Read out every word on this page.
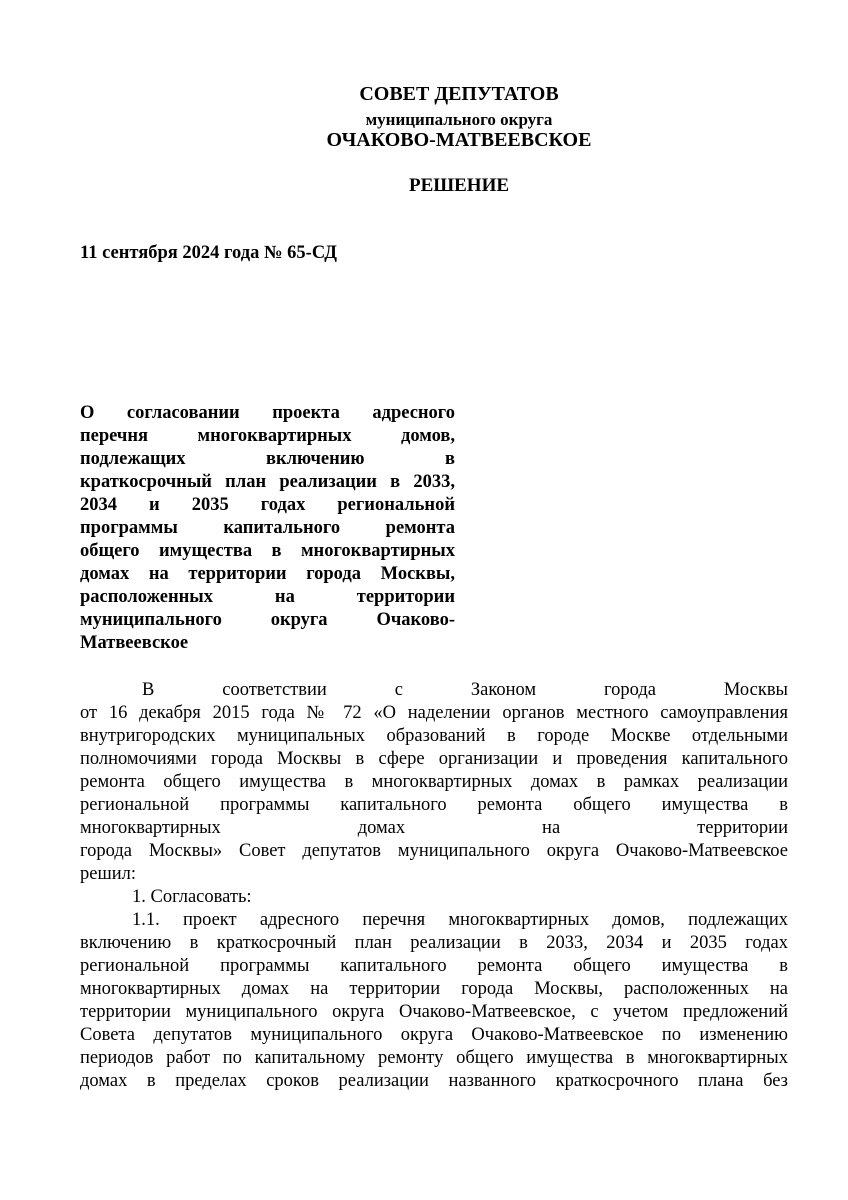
СОВЕТ ДЕПУТАТОВ
муниципального округа
ОЧАКОВО-МАТВЕЕВСКОЕ
РЕШЕНИЕ
11 сентября 2024 года № 65-СД
О согласовании проекта адресного
перечня многоквартирных домов,
подлежащих включению в
краткосрочный план реализации в 2033,
2034 и 2035 годах региональной
программы капитального ремонта
общего имущества в многоквартирных
домах на территории города Москвы,
расположенных на территории
муниципального округа Очаково-
Матвеевское
В соответствии с Законом города Москвы
от 16 декабря 2015 года № 72 «О наделении органов местного самоуправления
внутригородских муниципальных образований в городе Москве отдельными
полномочиями города Москвы в сфере организации и проведения капитального
ремонта общего имущества в многоквартирных домах в рамках реализации
региональной программы капитального ремонта общего имущества в
многоквартирных домах на территории
города Москвы» Совет депутатов муниципального округа Очаково-Матвеевское
решил:
1. Согласовать:
1.1. проект адресного перечня многоквартирных домов, подлежащих
включению в краткосрочный план реализации в 2033, 2034 и 2035 годах
региональной программы капитального ремонта общего имущества в
многоквартирных домах на территории города Москвы, расположенных на
территории муниципального округа Очаково-Матвеевское, с учетом предложений
Совета депутатов муниципального округа Очаково-Матвеевское по изменению
периодов работ по капитальному ремонту общего имущества в многоквартирных
домах в пределах сроков реализации названного краткосрочного плана без
